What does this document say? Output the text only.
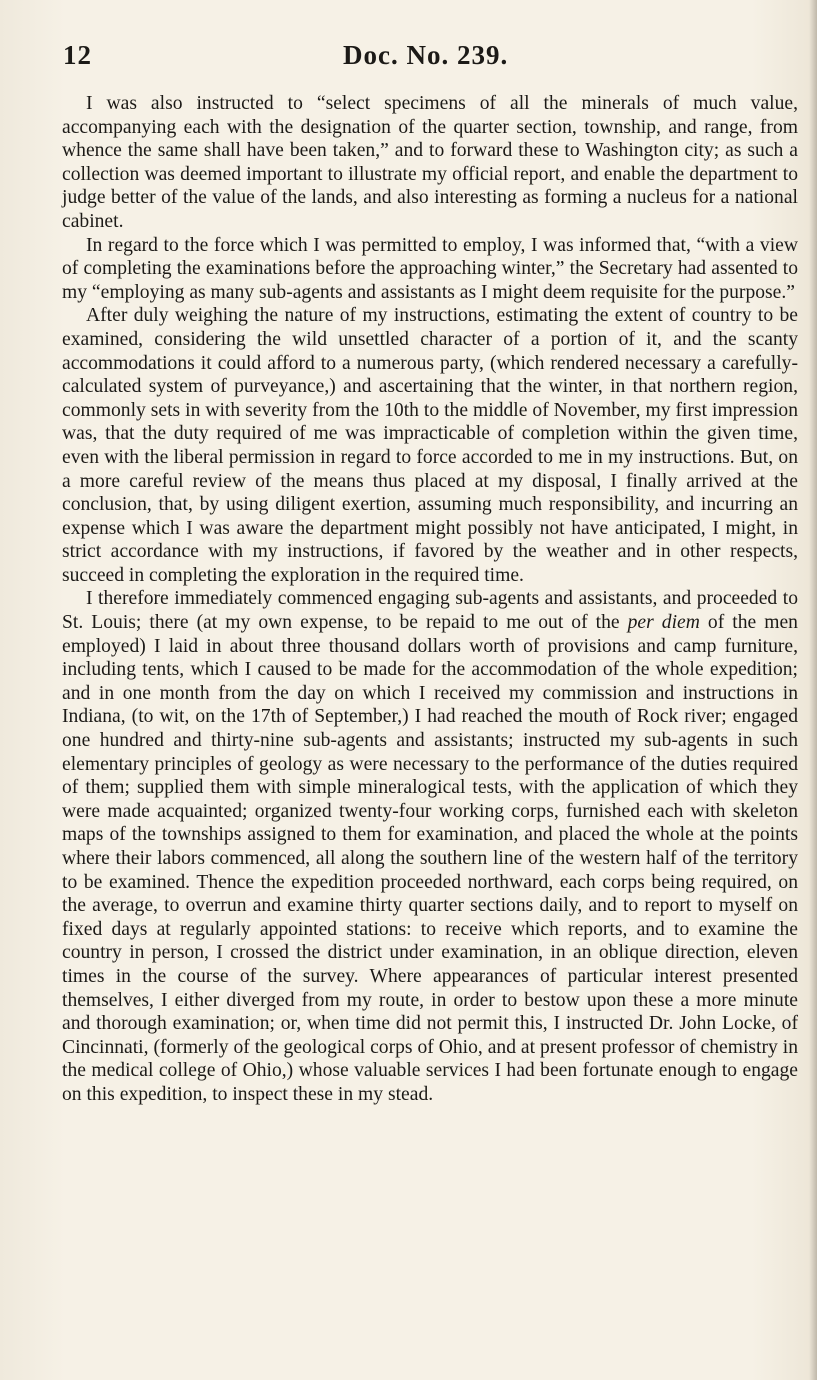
12	Doc. No. 239.

I was also instructed to “select specimens of all the minerals of much value, accompanying each with the designation of the quarter section, township, and range, from whence the same shall have been taken,” and to forward these to Washington city; as such a collection was deemed important to illustrate my official report, and enable the department to judge better of the value of the lands, and also interesting as forming a nucleus for a national cabinet.

In regard to the force which I was permitted to employ, I was informed that, “with a view of completing the examinations before the approaching winter,” the Secretary had assented to my “employing as many sub-agents and assistants as I might deem requisite for the purpose.”

After duly weighing the nature of my instructions, estimating the extent of country to be examined, considering the wild unsettled character of a portion of it, and the scanty accommodations it could afford to a numerous party, (which rendered necessary a carefully-calculated system of purveyance,) and ascertaining that the winter, in that northern region, commonly sets in with severity from the 10th to the middle of November, my first impression was, that the duty required of me was impracticable of completion within the given time, even with the liberal permission in regard to force accorded to me in my instructions. But, on a more careful review of the means thus placed at my disposal, I finally arrived at the conclusion, that, by using diligent exertion, assuming much responsibility, and incurring an expense which I was aware the department might possibly not have anticipated, I might, in strict accordance with my instructions, if favored by the weather and in other respects, succeed in completing the exploration in the required time.

I therefore immediately commenced engaging sub-agents and assistants, and proceeded to St. Louis; there (at my own expense, to be repaid to me out of the per diem of the men employed) I laid in about three thousand dollars worth of provisions and camp furniture, including tents, which I caused to be made for the accommodation of the whole expedition; and in one month from the day on which I received my commission and instructions in Indiana, (to wit, on the 17th of September,) I had reached the mouth of Rock river; engaged one hundred and thirty-nine sub-agents and assistants; instructed my sub-agents in such elementary principles of geology as were necessary to the performance of the duties required of them; supplied them with simple mineralogical tests, with the application of which they were made acquainted; organized twenty-four working corps, furnished each with skeleton maps of the townships assigned to them for examination, and placed the whole at the points where their labors commenced, all along the southern line of the western half of the territory to be examined. Thence the expedition proceeded northward, each corps being required, on the average, to overrun and examine thirty quarter sections daily, and to report to myself on fixed days at regularly appointed stations: to receive which reports, and to examine the country in person, I crossed the district under examination, in an oblique direction, eleven times in the course of the survey. Where appearances of particular interest presented themselves, I either diverged from my route, in order to bestow upon these a more minute and thorough examination; or, when time did not permit this, I instructed Dr. John Locke, of Cincinnati, (formerly of the geological corps of Ohio, and at present professor of chemistry in the medical college of Ohio,) whose valuable services I had been fortunate enough to engage on this expedition, to inspect these in my stead.
